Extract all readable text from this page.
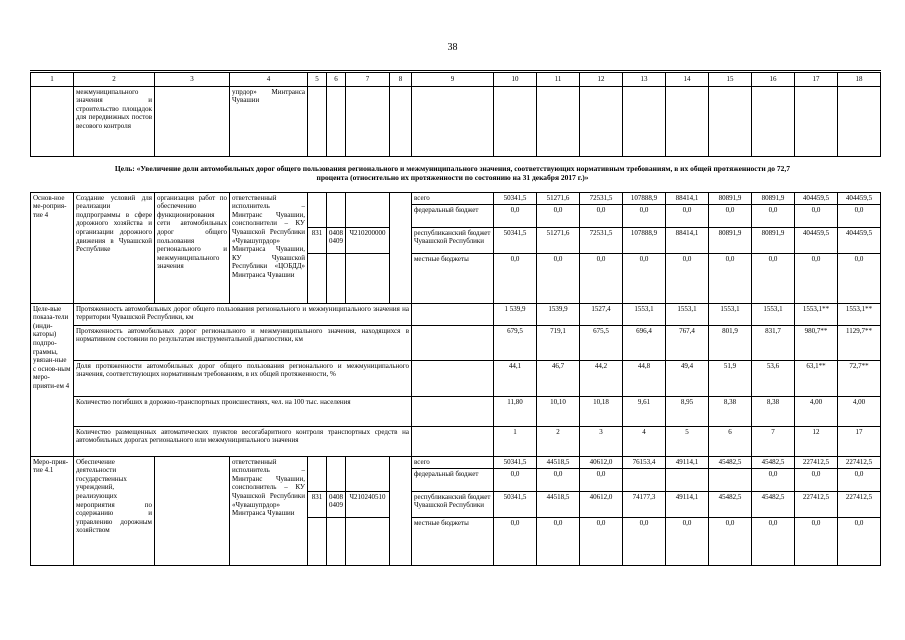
38
1	2	3	4	5	6	7	8	9	10	11	12	13	14	15	16	17	18
	межмуниципального значения и строительство площадок для передвижных постов весового контроля		упрдор» Минтранса Чувашии														
Цель: «Увеличение доли автомобильных дорог общего пользования регионального и межмуниципального значения, соответствующих нормативным требованиям, в их общей протяженности до 72,7 процента (относительно их протяженности по состоянию на 31 декабря 2017 г.)»
Основ-ное ме-роприя-тие 4	Создание условий для реализации подпрограммы в сфере дорожного хозяйства и организации дорожного движения в Чувашской Республике	организация работ по обеспечению функционирования сети автомобильных дорог общего пользования регионального и межмуниципального значения	ответственный исполнитель – Минтранс Чувашии, соисполнители – КУ Чувашской Республики «Чувашупрдор» Минтранса Чувашии, КУ Чувашской Республики «ЦОБДД» Минтранса Чувашии					всего	50341,5	51271,6	72531,5	107888,9	88414,1	80891,9	80891,9	404459,5	404459,5
								федеральный бюджет	0,0	0,0	0,0	0,0	0,0	0,0	0,0	0,0	0,0
				831	0408 0409	Ч210200000		республиканский бюджет Чувашской Республики	50341,5	51271,6	72531,5	107888,9	88414,1	80891,9	80891,9	404459,5	404459,5
								местные бюджеты	0,0	0,0	0,0	0,0	0,0	0,0	0,0	0,0	0,0
Целе-вые показа-тели (инди-каторы) подпро-граммы, увязан-ные с основ-ным меро-прияти-ем 4	Протяженность автомобильных дорог общего пользования регионального и межмуниципального значения на территории Чувашской Республики, км								1 539,9	1539,9	1527,4	1553,1	1553,1	1553,1	1553,1	1553,1**	1553,1**
	Протяженность автомобильных дорог регионального и межмуниципального значения, находящихся в нормативном состоянии по результатам инструментальной диагностики, км								679,5	719,1	675,5	696,4	767,4	801,9	831,7	980,7**	1129,7**
	Доля протяженности автомобильных дорог общего пользования регионального и межмуниципального значения, соответствующих нормативным требованиям, в их общей протяженности, %								44,1	46,7	44,2	44,8	49,4	51,9	53,6	63,1**	72,7**
	Количество погибших в дорожно-транспортных происшествиях, чел. на 100 тыс. населения								11,80	10,10	10,18	9,61	8,95	8,38	8,38	4,00	4,00
	Количество размещенных автоматических пунктов весогабаритного контроля транспортных средств на автомобильных дорогах регионального или межмуниципального значения								1	2	3	4	5	6	7	12	17
Меро-прия-тие 4.1	Обеспечение деятельности государственных учреждений, реализующих мероприятия по содержанию и управлению дорожным хозяйством		ответственный исполнитель – Минтранс Чувашии, соисполнитель – КУ Чувашской Республики «Чувашупрдор» Минтранса Чувашии					всего	50341,5	44518,5	40612,0	76153,4	49114,1	45482,5	45482,5	227412,5	227412,5
								федеральный бюджет	0,0	0,0	0,0				0,0	0,0	0,0
				831	0408 0409	Ч210240510		республиканский бюджет Чувашской Республики	50341,5	44518,5	40612,0	74177,3	49114,1	45482,5	45482,5	227412,5	227412,5
								местные бюджеты	0,0	0,0	0,0	0,0	0,0	0,0	0,0	0,0	0,0
